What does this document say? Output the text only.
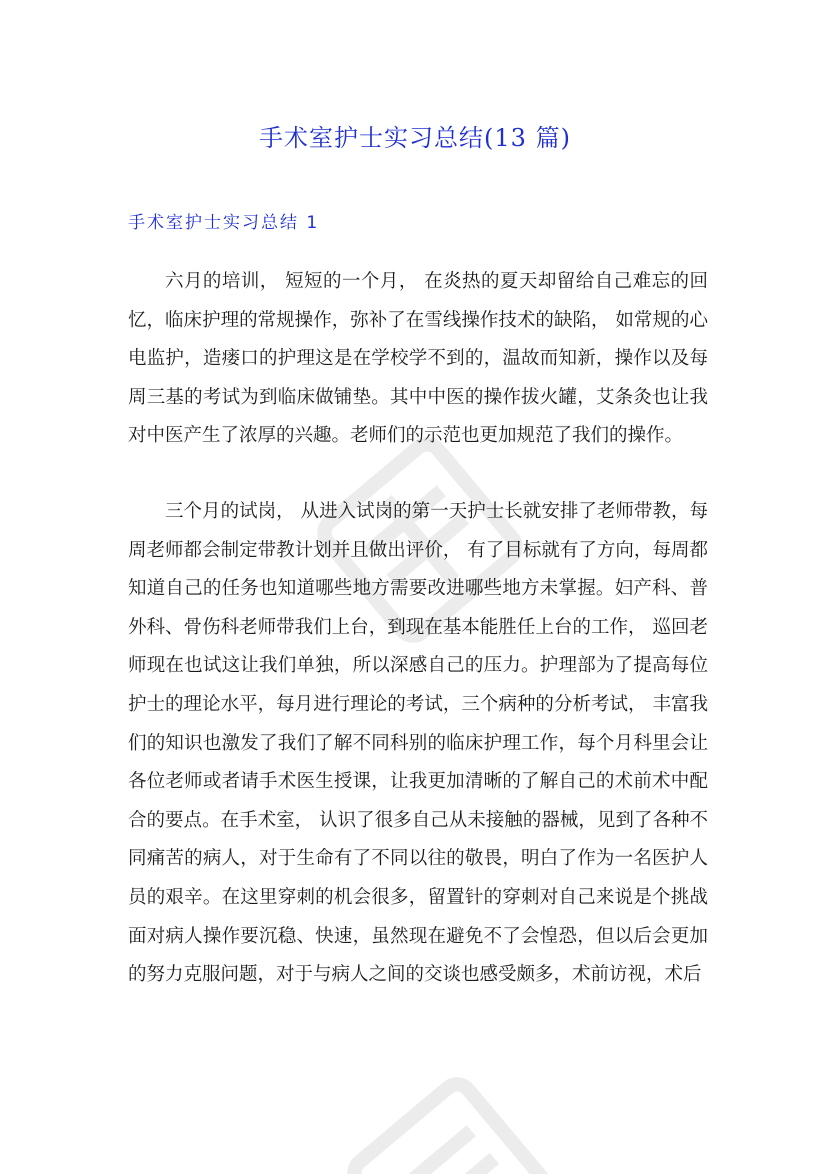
手术室护士实习总结(13 篇)
手术室护士实习总结 1

六月的培训， 短短的一个月， 在炎热的夏天却留给自己难忘的回忆，临床护理的常规操作，弥补了在雪线操作技术的缺陷， 如常规的心电监护，造瘘口的护理这是在学校学不到的，温故而知新，操作以及每周三基的考试为到临床做铺垫。其中中医的操作拔火罐，艾条灸也让我对中医产生了浓厚的兴趣。老师们的示范也更加规范了我们的操作。

三个月的试岗， 从进入试岗的第一天护士长就安排了老师带教，每周老师都会制定带教计划并且做出评价， 有了目标就有了方向，每周都知道自己的任务也知道哪些地方需要改进哪些地方未掌握。妇产科、普外科、骨伤科老师带我们上台，到现在基本能胜任上台的工作， 巡回老师现在也试这让我们单独，所以深感自己的压力。护理部为了提高每位护士的理论水平，每月进行理论的考试，三个病种的分析考试， 丰富我们的知识也激发了我们了解不同科别的临床护理工作，每个月科里会让各位老师或者请手术医生授课，让我更加清晰的了解自己的术前术中配合的要点。在手术室， 认识了很多自己从未接触的器械，见到了各种不同痛苦的病人，对于生命有了不同以往的敬畏，明白了作为一名医护人员的艰辛。在这里穿刺的机会很多，留置针的穿刺对自己来说是个挑战面对病人操作要沉稳、快速，虽然现在避免不了会惶恐，但以后会更加的努力克服问题，对于与病人之间的交谈也感受颇多，术前访视，术后
